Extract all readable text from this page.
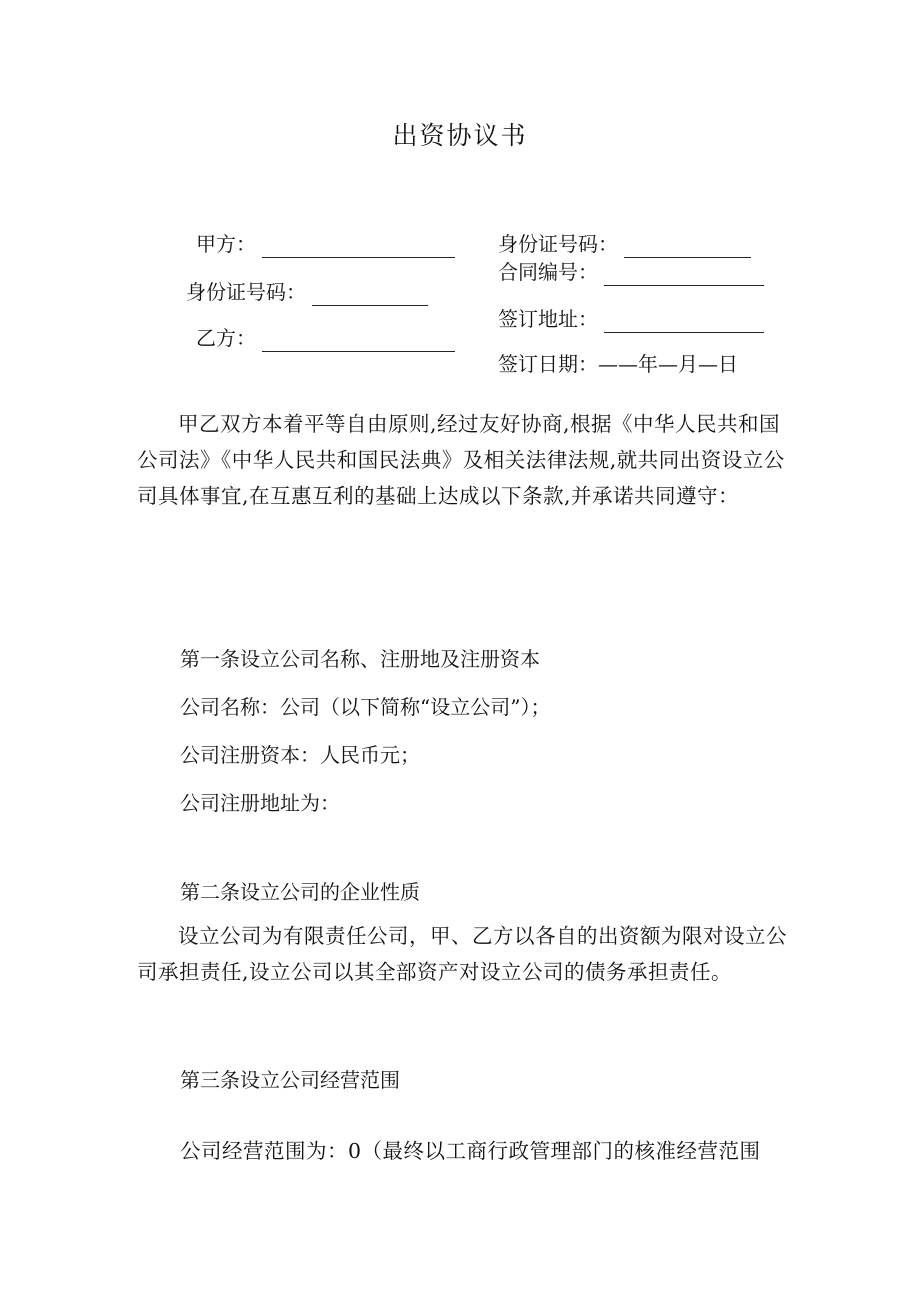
出资协议书
甲方：
身份证号码：
乙方：
身份证号码：
合同编号：
签订地址：
签订日期：——年—月—日
甲乙双方本着平等自由原则,经过友好协商,根据《中华人民共和国公司法》《中华人民共和国民法典》及相关法律法规,就共同出资设立公司具体事宜,在互惠互利的基础上达成以下条款,并承诺共同遵守：
第一条设立公司名称、注册地及注册资本
公司名称：公司（以下简称“设立公司”）；
公司注册资本：人民币元；
公司注册地址为：
第二条设立公司的企业性质
设立公司为有限责任公司，甲、乙方以各自的出资额为限对设立公司承担责任,设立公司以其全部资产对设立公司的债务承担责任。
第三条设立公司经营范围
公司经营范围为：0（最终以工商行政管理部门的核准经营范围
